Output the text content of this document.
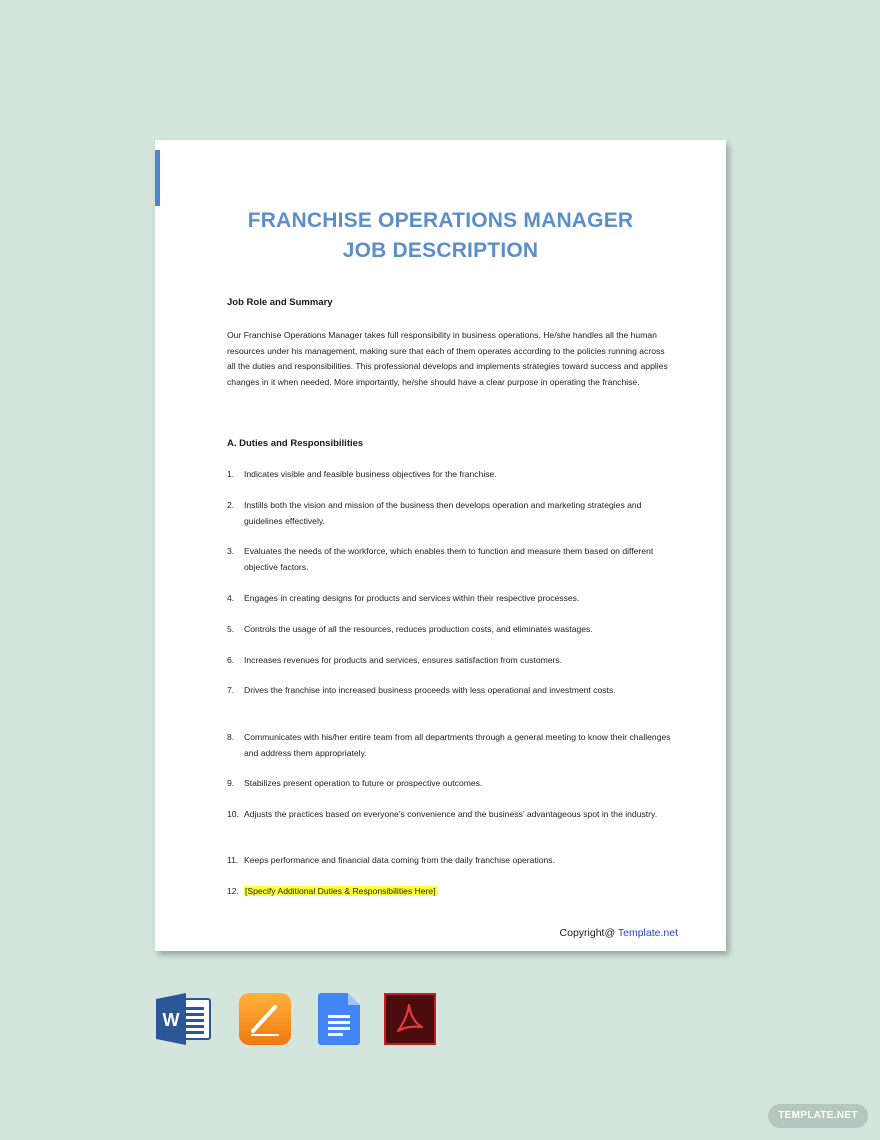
FRANCHISE OPERATIONS MANAGER
JOB DESCRIPTION
Job Role and Summary
Our Franchise Operations Manager takes full responsibility in business operations. He/she handles all the human resources under his management, making sure that each of them operates according to the policies running across all the duties and responsibilities. This professional develops and implements strategies toward success and applies changes in it when needed. More importantly, he/she should have a clear purpose in operating the franchise.
A. Duties and Responsibilities
1.	Indicates visible and feasible business objectives for the franchise.
2.	Instills both the vision and mission of the business then develops operation and marketing strategies and guidelines effectively.
3.	Evaluates the needs of the workforce, which enables them to function and measure them based on different objective factors.
4.	Engages in creating designs for products and services within their respective processes.
5.	Controls the usage of all the resources, reduces production costs, and eliminates wastages.
6.	Increases revenues for products and services, ensures satisfaction from customers.
7.	Drives the franchise into increased business proceeds with less operational and investment costs.
8.	Communicates with his/her entire team from all departments through a general meeting to know their challenges and address them appropriately.
9.	Stabilizes present operation to future or prospective outcomes.
10. Adjusts the practices based on everyone’s convenience and the business’ advantageous spot in the industry.
11. Keeps performance and financial data coming from the daily franchise operations.
12. [Specify Additional Duties & Responsibilities Here]
Copyright@ Template.net
W
TEMPLATE.NET
